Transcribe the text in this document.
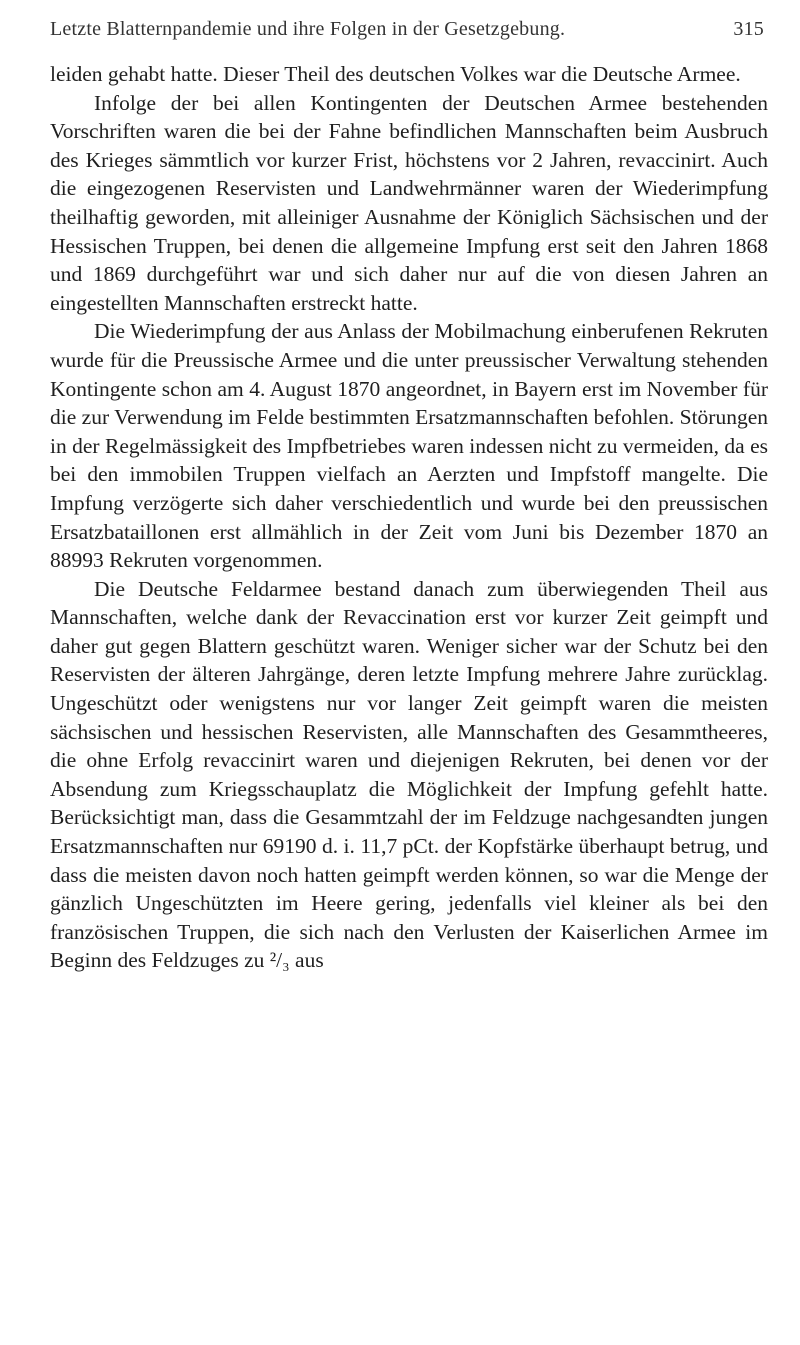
Letzte Blatternpandemie und ihre Folgen in der Gesetzgebung.	315

leiden gehabt hatte. Dieser Theil des deutschen Volkes war die Deutsche Armee.

Infolge der bei allen Kontingenten der Deutschen Armee bestehenden Vorschriften waren die bei der Fahne befindlichen Mannschaften beim Ausbruch des Krieges sämmtlich vor kurzer Frist, höchstens vor 2 Jahren, revaccinirt. Auch die eingezogenen Reservisten und Landwehrmänner waren der Wiederimpfung theilhaftig geworden, mit alleiniger Ausnahme der Königlich Sächsischen und der Hessischen Truppen, bei denen die allgemeine Impfung erst seit den Jahren 1868 und 1869 durchgeführt war und sich daher nur auf die von diesen Jahren an eingestellten Mannschaften erstreckt hatte.

Die Wiederimpfung der aus Anlass der Mobilmachung einberufenen Rekruten wurde für die Preussische Armee und die unter preussischer Verwaltung stehenden Kontingente schon am 4. August 1870 angeordnet, in Bayern erst im November für die zur Verwendung im Felde bestimmten Ersatzmannschaften befohlen. Störungen in der Regelmässigkeit des Impfbetriebes waren indessen nicht zu vermeiden, da es bei den immobilen Truppen vielfach an Aerzten und Impfstoff mangelte. Die Impfung verzögerte sich daher verschiedentlich und wurde bei den preussischen Ersatzbataillonen erst allmählich in der Zeit vom Juni bis Dezember 1870 an 88993 Rekruten vorgenommen.

Die Deutsche Feldarmee bestand danach zum überwiegenden Theil aus Mannschaften, welche dank der Revaccination erst vor kurzer Zeit geimpft und daher gut gegen Blattern geschützt waren. Weniger sicher war der Schutz bei den Reservisten der älteren Jahrgänge, deren letzte Impfung mehrere Jahre zurücklag. Ungeschützt oder wenigstens nur vor langer Zeit geimpft waren die meisten sächsischen und hessischen Reservisten, alle Mannschaften des Gesammtheeres, die ohne Erfolg revaccinirt waren und diejenigen Rekruten, bei denen vor der Absendung zum Kriegsschauplatz die Möglichkeit der Impfung gefehlt hatte. Berücksichtigt man, dass die Gesammtzahl der im Feldzuge nachgesandten jungen Ersatzmannschaften nur 69190 d. i. 11,7 pCt. der Kopfstärke überhaupt betrug, und dass die meisten davon noch hatten geimpft werden können, so war die Menge der gänzlich Ungeschützten im Heere gering, jedenfalls viel kleiner als bei den französischen Truppen, die sich nach den Verlusten der Kaiserlichen Armee im Beginn des Feldzuges zu ²/₃ aus
